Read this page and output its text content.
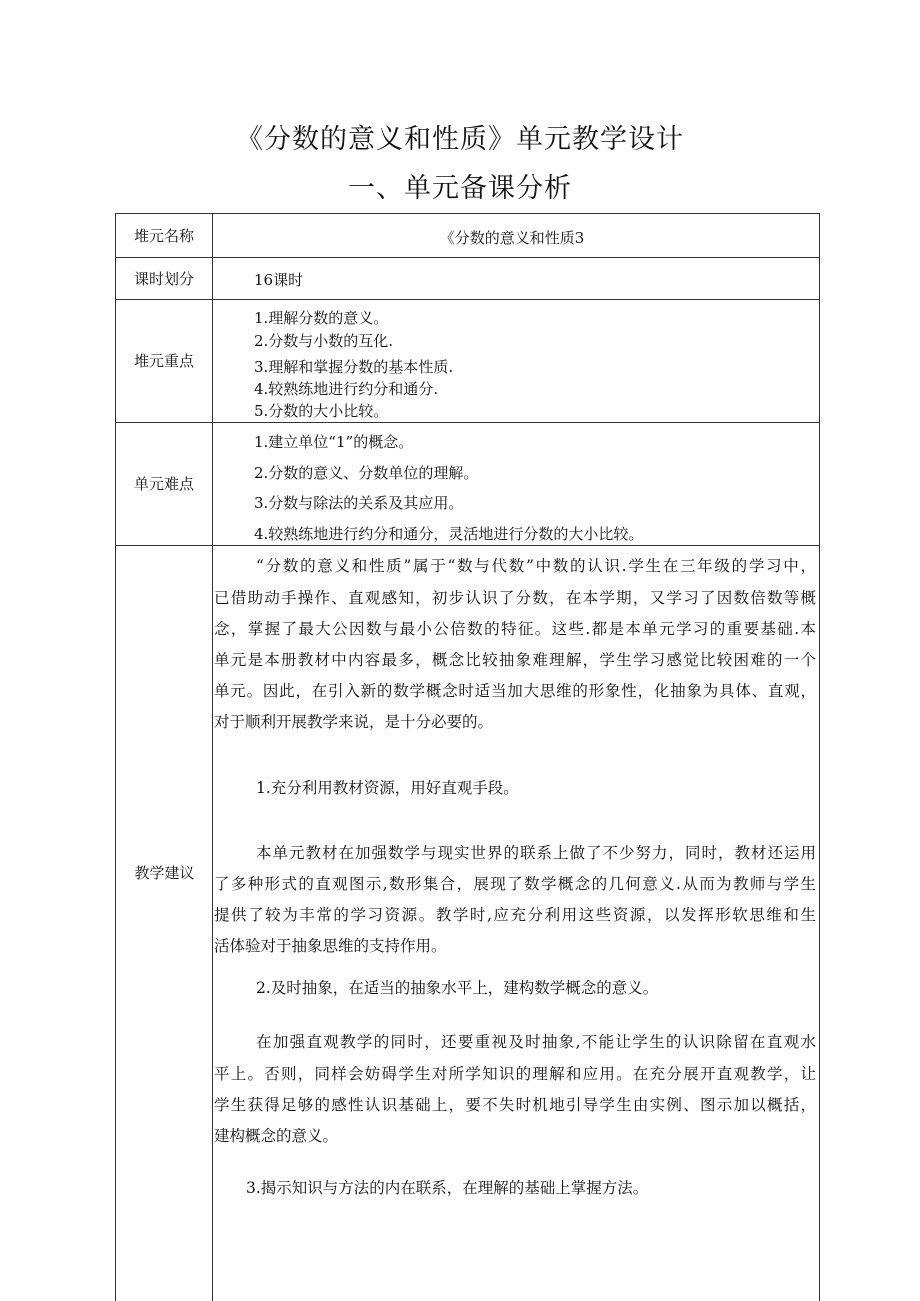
《分数的意义和性质》单元教学设计
一、单元备课分析
堆元名称	《分数的意义和性质3
课时划分	16课时
堆元重点
1.理解分数的意义。
2.分数与小数的互化.
3.理解和掌握分数的基本性质.
4.较熟练地进行约分和通分.
5.分数的大小比较。
单元难点
1.建立单位“1”的概念。
2.分数的意义、分数单位的理解。
3.分数与除法的关系及其应用。
4.较熟练地进行约分和通分，灵活地进行分数的大小比较。
教学建议
“分数的意义和性质”属于“数与代数”中数的认识.学生在三年级的学习中，
已借助动手操作、直观感知，初步认识了分数，在本学期，又学习了因数倍数等概
念，掌握了最大公因数与最小公倍数的特征。这些.都是本单元学习的重要基础.本
单元是本册教材中内容最多，概念比较抽象难理解，学生学习感觉比较困难的一个
单元。因此，在引入新的数学概念时适当加大思维的形象性，化抽象为具体、直观，
对于顺利开展教学来说，是十分必要的。
1.充分利用教材资源，用好直观手段。
本单元教材在加强数学与现实世界的联系上做了不少努力，同时，教材还运用
了多种形式的直观图示,数形集合，展现了数学概念的几何意义.从而为教师与学生
提供了较为丰常的学习资源。教学时,应充分利用这些资源，以发挥形软思维和生
活体验对于抽象思维的支持作用。
2.及时抽象，在适当的抽象水平上，建构数学概念的意义。
在加强直观教学的同时，还要重视及时抽象,不能让学生的认识除留在直观水
平上。否则，同样会妨碍学生对所学知识的理解和应用。在充分展开直观教学，让
学生获得足够的感性认识基础上，要不失时机地引导学生由实例、图示加以概括，
建构概念的意义。
3.揭示知识与方法的内在联系，在理解的基础上掌握方法。
